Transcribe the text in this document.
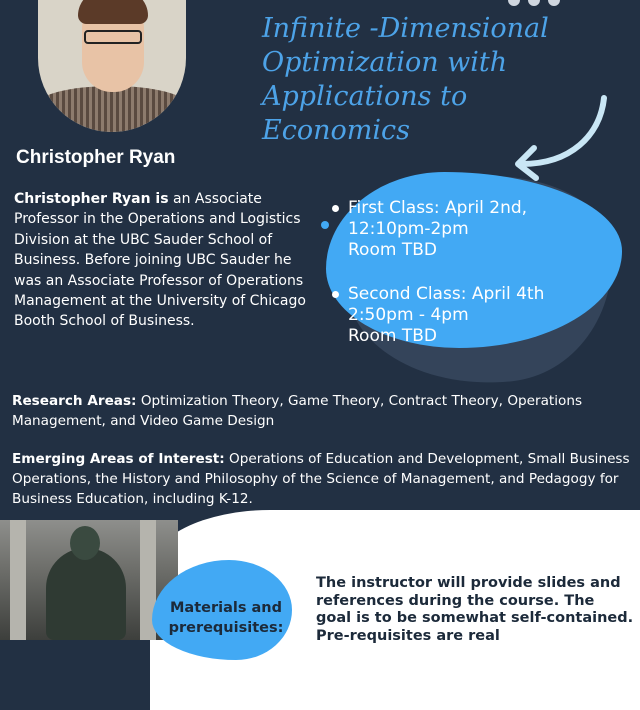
Christopher Ryan
Infinite -Dimensional Optimization with Applications to Economics
First Class: April 2nd,
12:10pm-2pm
Room TBD
Second Class: April 4th
2:50pm - 4pm
Room TBD
Christopher Ryan is an Associate Professor in the Operations and Logistics Division at the UBC Sauder School of Business. Before joining UBC Sauder he was an Associate Professor of Operations Management at the University of Chicago Booth School of Business.
Research Areas: Optimization Theory, Game Theory, Contract Theory, Operations Management, and Video Game Design
Emerging Areas of Interest: Operations of Education and Development, Small Business Operations, the History and Philosophy of the Science of Management, and Pedagogy for Business Education, including K-12.
Materials and
prerequisites:
The instructor will provide slides and references during the course. The goal is to be somewhat self-contained. Pre-requisites are real
